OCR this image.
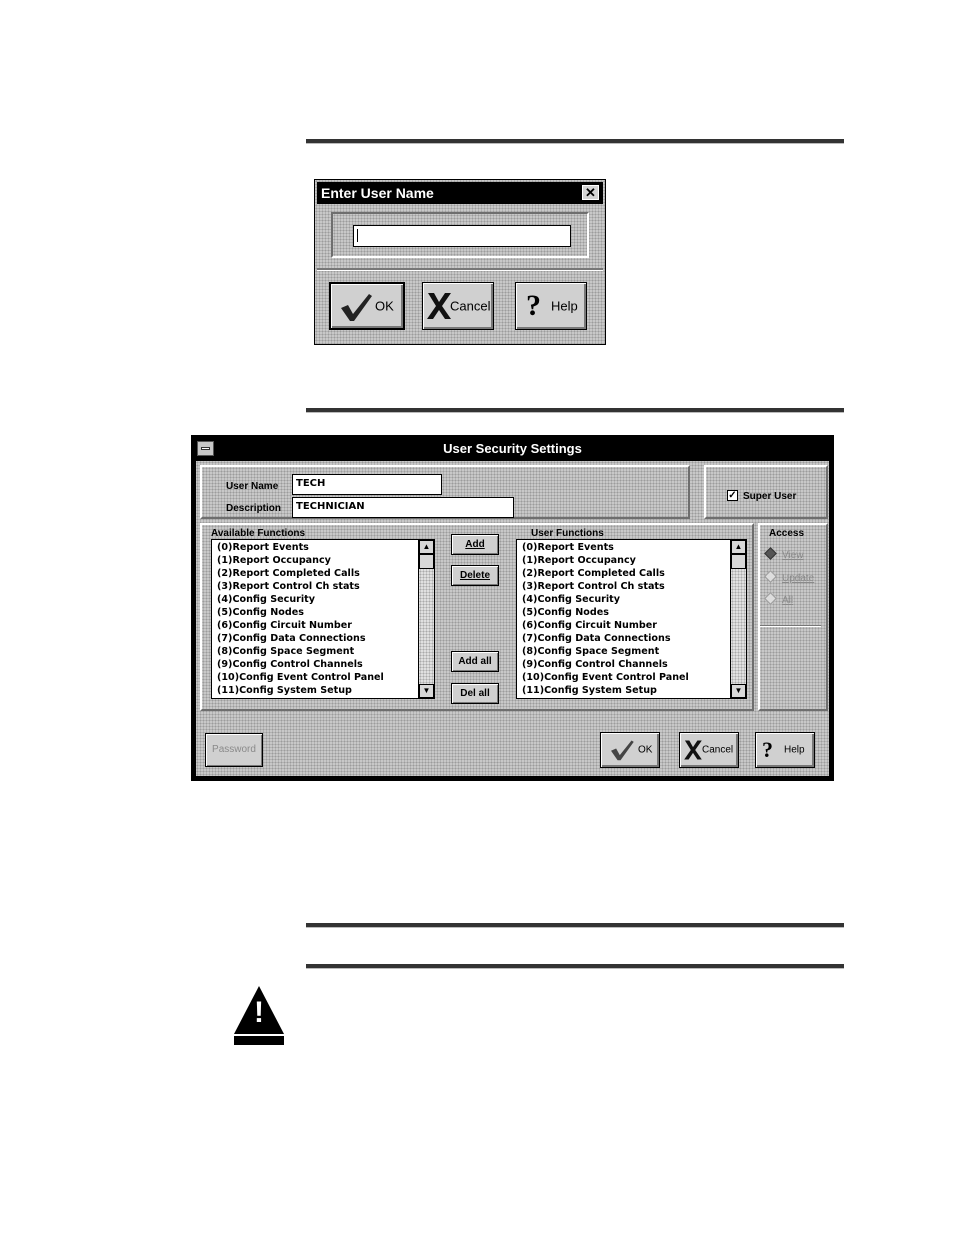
Enter User Name	✕
OK	Cancel ? Help
User Security Settings
User Name	TECH
Description	TECHNICIAN
✓ Super User
Available Functions	User Functions
(0)Report Events
(1)Report Occupancy
(2)Report Completed Calls
(3)Report Control Ch stats
(4)Config Security
(5)Config Nodes
(6)Config Circuit Number
(7)Config Data Connections
(8)Config Space Segment
(9)Config Control Channels
(10)Config Event Control Panel
(11)Config System Setup
▲
▼
(0)Report Events
(1)Report Occupancy
(2)Report Completed Calls
(3)Report Control Ch stats
(4)Config Security
(5)Config Nodes
(6)Config Circuit Number
(7)Config Data Connections
(8)Config Space Segment
(9)Config Control Channels
(10)Config Event Control Panel
(11)Config System Setup
▲
▼
Add
Delete
Add all
Del all
Access
View
Update
All
Password	OK	Cancel ? Help
!
